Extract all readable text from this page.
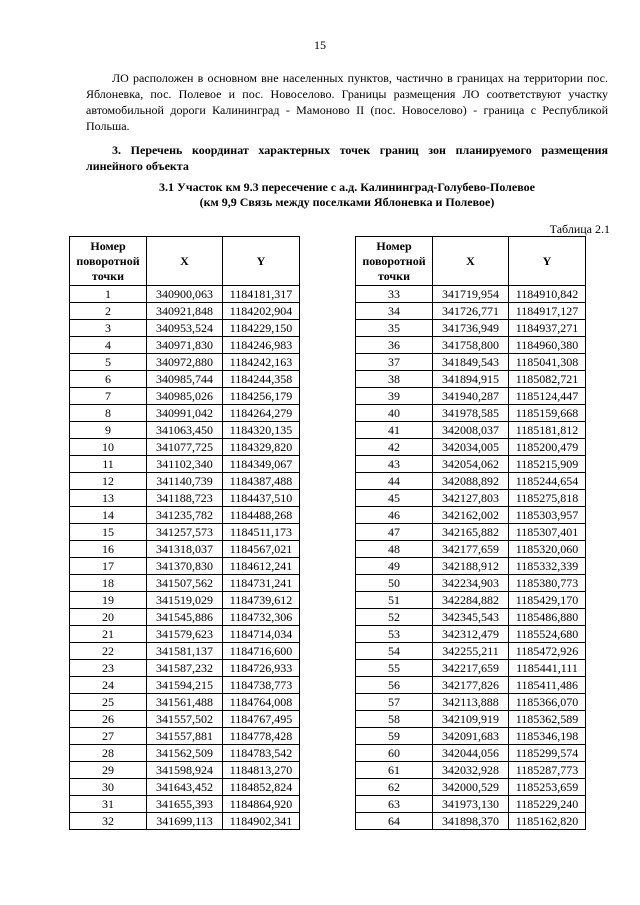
15

ЛО расположен в основном вне населенных пунктов, частично в границах на территории пос. Яблоневка, пос. Полевое и пос. Новоселово. Границы размещения ЛО соответствуют участку автомобильной дороги Калининград - Мамоново II (пос. Новоселово) - граница с Республикой Польша.

3. Перечень координат характерных точек границ зон планируемого размещения линейного объекта

3.1 Участок км 9.3 пересечение с а.д. Калининград-Голубево-Полевое
(км 9,9 Связь между поселками Яблоневка и Полевое)
Таблица 2.1
Номер поворотной точки	X	Y
1	340900,063	1184181,317
2	340921,848	1184202,904
3	340953,524	1184229,150
4	340971,830	1184246,983
5	340972,880	1184242,163
6	340985,744	1184244,358
7	340985,026	1184256,179
8	340991,042	1184264,279
9	341063,450	1184320,135
10	341077,725	1184329,820
11	341102,340	1184349,067
12	341140,739	1184387,488
13	341188,723	1184437,510
14	341235,782	1184488,268
15	341257,573	1184511,173
16	341318,037	1184567,021
17	341370,830	1184612,241
18	341507,562	1184731,241
19	341519,029	1184739,612
20	341545,886	1184732,306
21	341579,623	1184714,034
22	341581,137	1184716,600
23	341587,232	1184726,933
24	341594,215	1184738,773
25	341561,488	1184764,008
26	341557,502	1184767,495
27	341557,881	1184778,428
28	341562,509	1184783,542
29	341598,924	1184813,270
30	341643,452	1184852,824
31	341655,393	1184864,920
32	341699,113	1184902,341
Номер поворотной точки	X	Y
33	341719,954	1184910,842
34	341726,771	1184917,127
35	341736,949	1184937,271
36	341758,800	1184960,380
37	341849,543	1185041,308
38	341894,915	1185082,721
39	341940,287	1185124,447
40	341978,585	1185159,668
41	342008,037	1185181,812
42	342034,005	1185200,479
43	342054,062	1185215,909
44	342088,892	1185244,654
45	342127,803	1185275,818
46	342162,002	1185303,957
47	342165,882	1185307,401
48	342177,659	1185320,060
49	342188,912	1185332,339
50	342234,903	1185380,773
51	342284,882	1185429,170
52	342345,543	1185486,880
53	342312,479	1185524,680
54	342255,211	1185472,926
55	342217,659	1185441,111
56	342177,826	1185411,486
57	342113,888	1185366,070
58	342109,919	1185362,589
59	342091,683	1185346,198
60	342044,056	1185299,574
61	342032,928	1185287,773
62	342000,529	1185253,659
63	341973,130	1185229,240
64	341898,370	1185162,820
